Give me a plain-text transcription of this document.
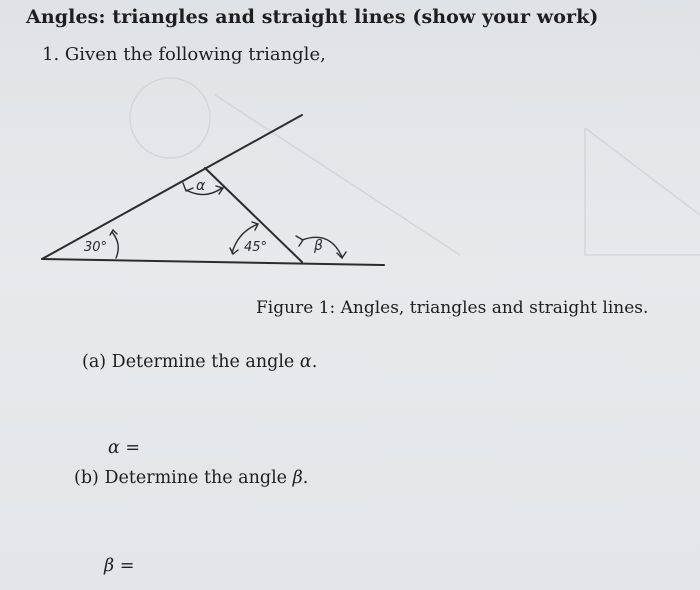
Angles: triangles and straight lines (show your work)
1. Given the following triangle,
30°
α
45°	β
Figure 1: Angles, triangles and straight lines.
(a) Determine the angle α.
α =
(b) Determine the angle β.
β =
